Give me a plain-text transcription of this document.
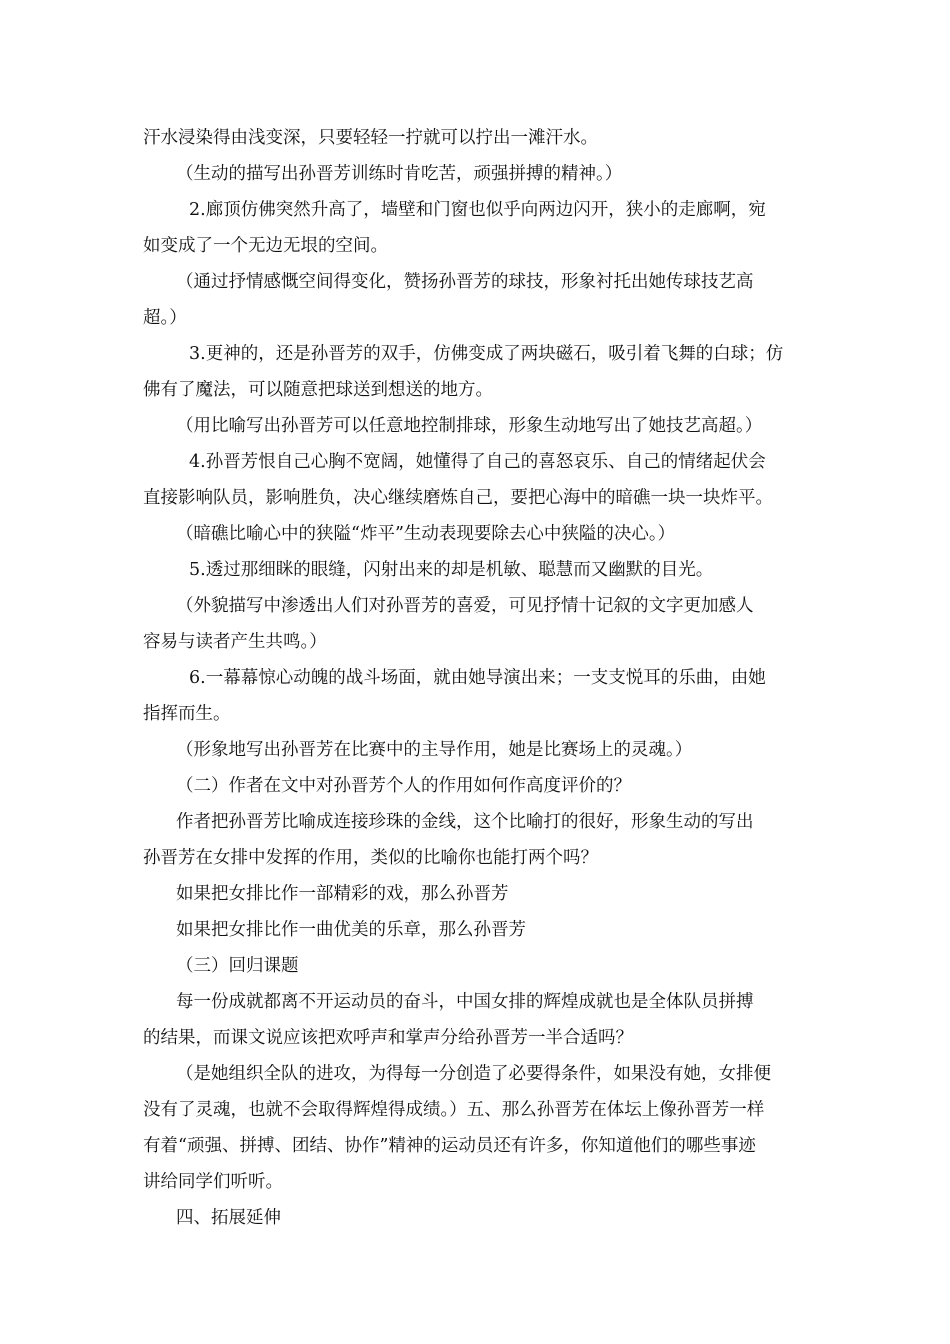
汗水浸染得由浅变深，只要轻轻一拧就可以拧出一滩汗水。
（生动的描写出孙晋芳训练时肯吃苦，顽强拼搏的精神。）
2.廊顶仿佛突然升高了，墙壁和门窗也似乎向两边闪开，狭小的走廊啊，宛
如变成了一个无边无垠的空间。
（通过抒情感慨空间得变化，赞扬孙晋芳的球技，形象衬托出她传球技艺高
超。）
3.更神的，还是孙晋芳的双手，仿佛变成了两块磁石，吸引着飞舞的白球；仿
佛有了魔法，可以随意把球送到想送的地方。
（用比喻写出孙晋芳可以任意地控制排球，形象生动地写出了她技艺高超。）
4.孙晋芳恨自己心胸不宽阔，她懂得了自己的喜怒哀乐、自己的情绪起伏会
直接影响队员，影响胜负，决心继续磨炼自己，要把心海中的暗礁一块一块炸平。
（暗礁比喻心中的狭隘“炸平”生动表现要除去心中狭隘的决心。）
5.透过那细眯的眼缝，闪射出来的却是机敏、聪慧而又幽默的目光。
（外貌描写中渗透出人们对孙晋芳的喜爱，可见抒情十记叙的文字更加感人
容易与读者产生共鸣。）
6.一幕幕惊心动魄的战斗场面，就由她导演出来；一支支悦耳的乐曲，由她
指挥而生。
（形象地写出孙晋芳在比赛中的主导作用，她是比赛场上的灵魂。）
（二）作者在文中对孙晋芳个人的作用如何作高度评价的？
作者把孙晋芳比喻成连接珍珠的金线，这个比喻打的很好，形象生动的写出
孙晋芳在女排中发挥的作用，类似的比喻你也能打两个吗？
如果把女排比作一部精彩的戏，那么孙晋芳
如果把女排比作一曲优美的乐章，那么孙晋芳
（三）回归课题
每一份成就都离不开运动员的奋斗，中国女排的辉煌成就也是全体队员拼搏
的结果，而课文说应该把欢呼声和掌声分给孙晋芳一半合适吗？
（是她组织全队的进攻，为得每一分创造了必要得条件，如果没有她，女排便
没有了灵魂，也就不会取得辉煌得成绩。）五、那么孙晋芳在体坛上像孙晋芳一样
有着“顽强、拼搏、团结、协作”精神的运动员还有许多，你知道他们的哪些事迹
讲给同学们听听。
四、拓展延伸
